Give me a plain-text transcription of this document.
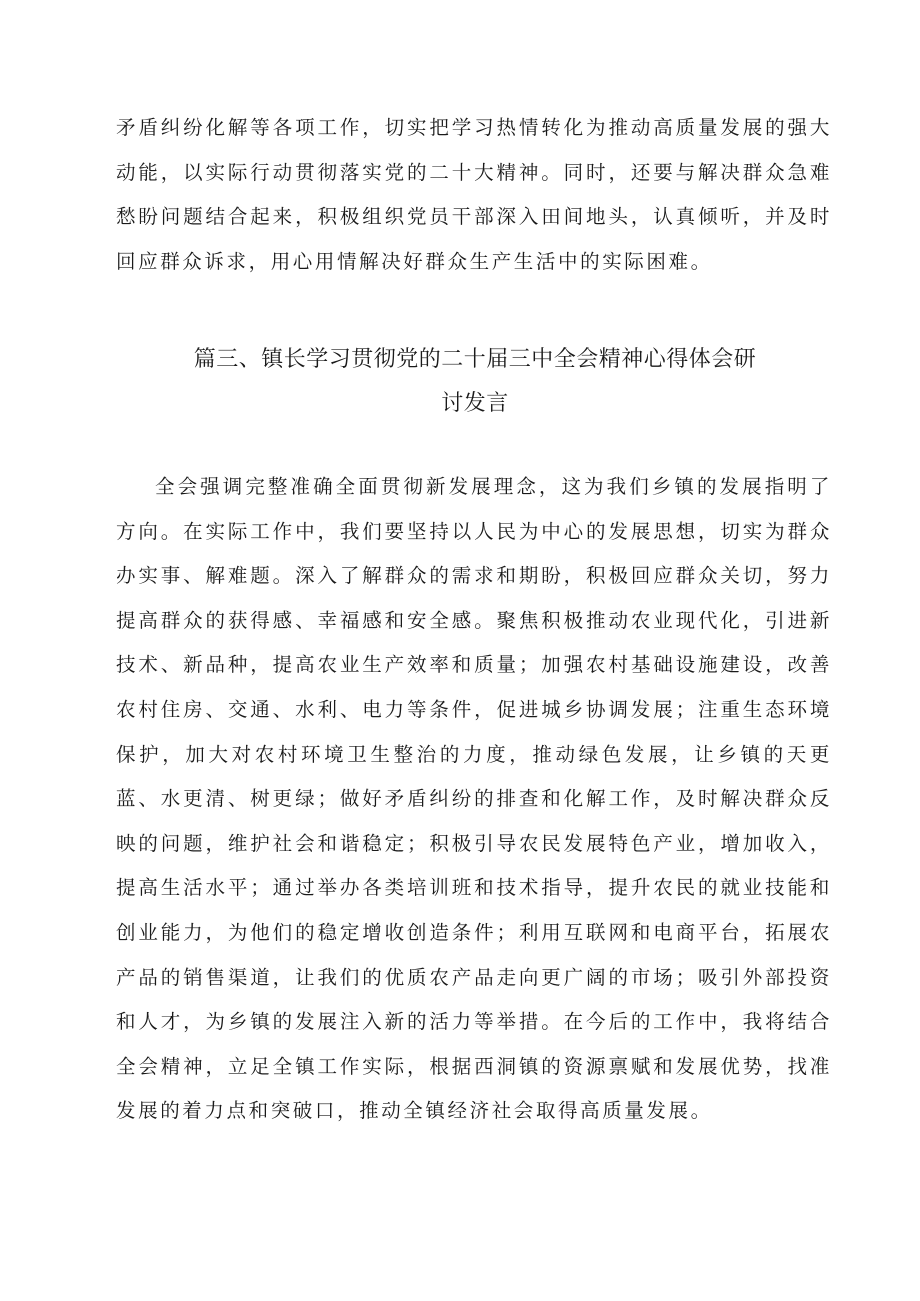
矛盾纠纷化解等各项工作，切实把学习热情转化为推动高质量发展的强大动能，以实际行动贯彻落实党的二十大精神。同时，还要与解决群众急难愁盼问题结合起来，积极组织党员干部深入田间地头，认真倾听，并及时回应群众诉求，用心用情解决好群众生产生活中的实际困难。

篇三、镇长学习贯彻党的二十届三中全会精神心得体会研
讨发言

全会强调完整准确全面贯彻新发展理念，这为我们乡镇的发展指明了方向。在实际工作中，我们要坚持以人民为中心的发展思想，切实为群众办实事、解难题。深入了解群众的需求和期盼，积极回应群众关切，努力提高群众的获得感、幸福感和安全感。聚焦积极推动农业现代化，引进新技术、新品种，提高农业生产效率和质量；加强农村基础设施建设，改善农村住房、交通、水利、电力等条件，促进城乡协调发展；注重生态环境保护，加大对农村环境卫生整治的力度，推动绿色发展，让乡镇的天更蓝、水更清、树更绿；做好矛盾纠纷的排查和化解工作，及时解决群众反映的问题，维护社会和谐稳定；积极引导农民发展特色产业，增加收入，提高生活水平；通过举办各类培训班和技术指导，提升农民的就业技能和创业能力，为他们的稳定增收创造条件；利用互联网和电商平台，拓展农产品的销售渠道，让我们的优质农产品走向更广阔的市场；吸引外部投资和人才，为乡镇的发展注入新的活力等举措。在今后的工作中，我将结合全会精神，立足全镇工作实际，根据西洞镇的资源禀赋和发展优势，找准发展的着力点和突破口，推动全镇经济社会取得高质量发展。
